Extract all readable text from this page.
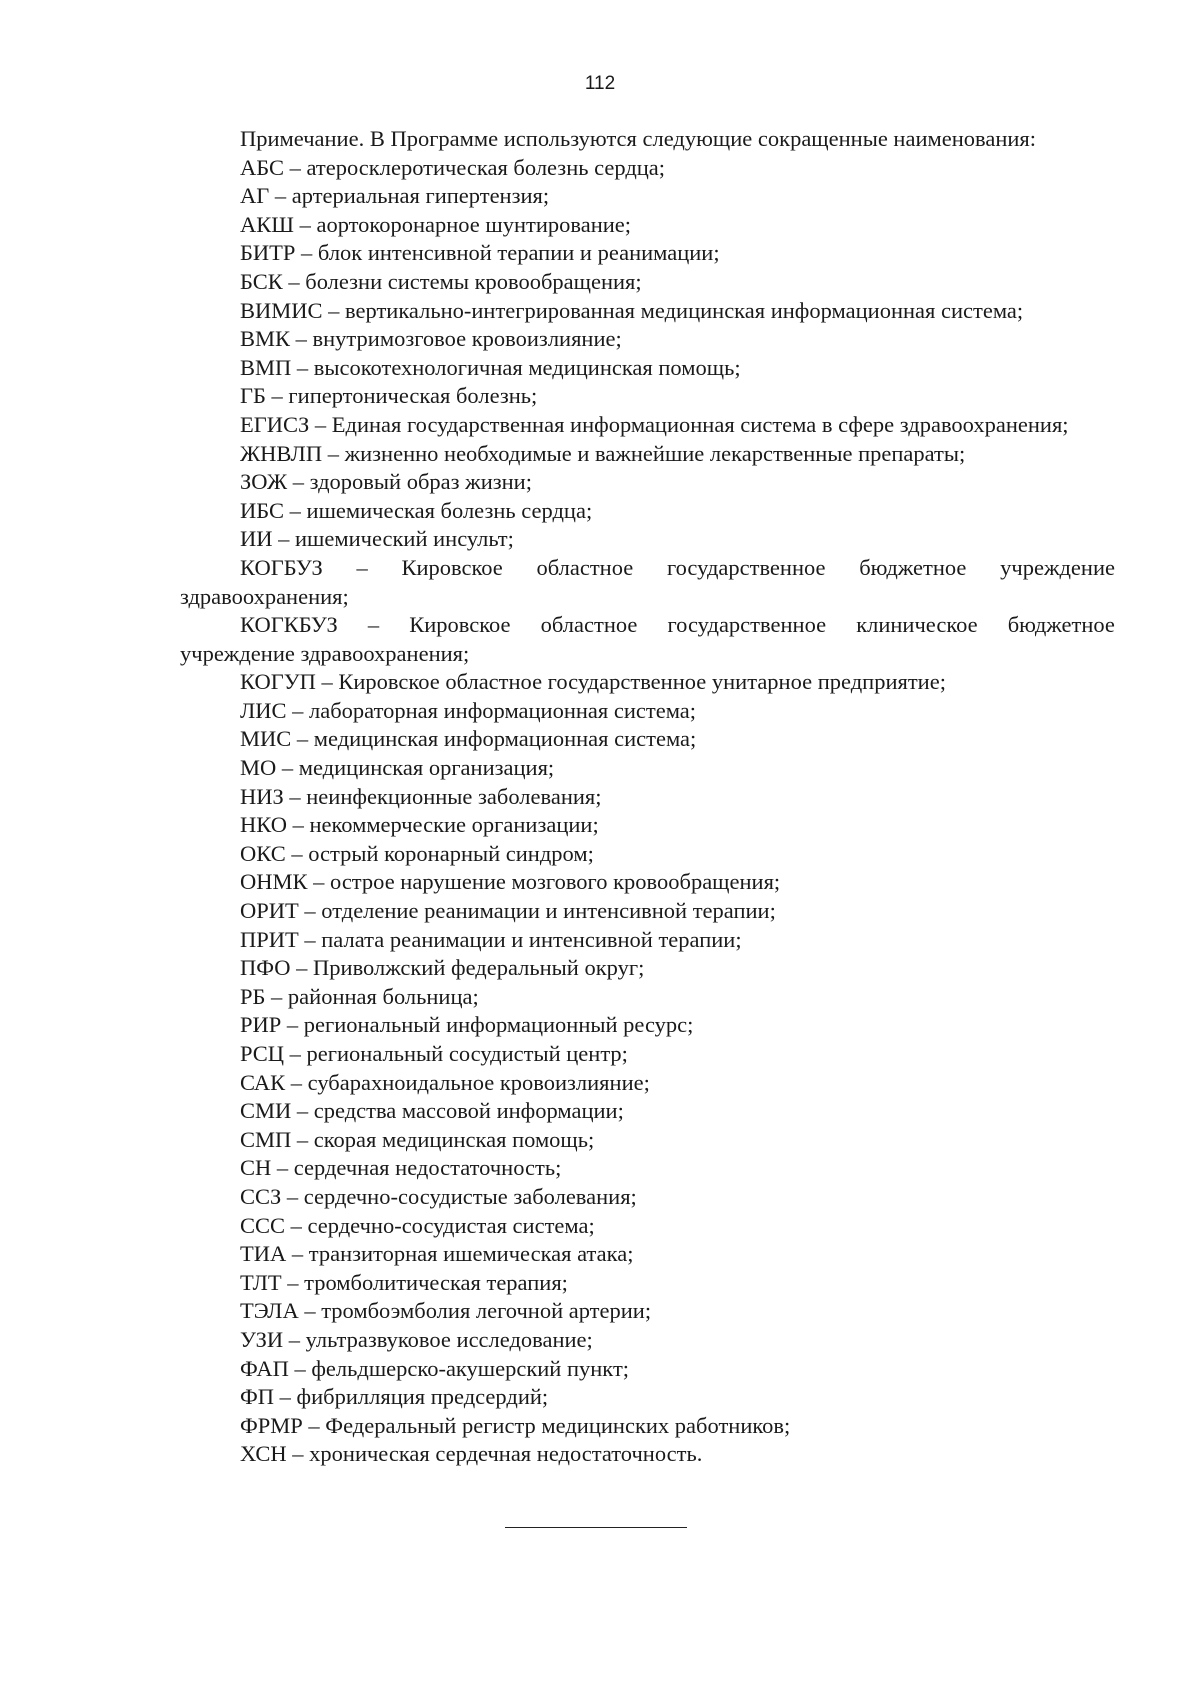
112
Примечание. В Программе используются следующие сокращенные наименования:
АБС – атеросклеротическая болезнь сердца;
АГ – артериальная гипертензия;
АКШ – аортокоронарное шунтирование;
БИТР – блок интенсивной терапии и реанимации;
БСК – болезни системы кровообращения;
ВИМИС – вертикально-интегрированная медицинская информационная система;
ВМК – внутримозговое кровоизлияние;
ВМП – высокотехнологичная медицинская помощь;
ГБ – гипертоническая болезнь;
ЕГИСЗ – Единая государственная информационная система в сфере здравоохранения;
ЖНВЛП – жизненно необходимые и важнейшие лекарственные препараты;
ЗОЖ – здоровый образ жизни;
ИБС – ишемическая болезнь сердца;
ИИ – ишемический инсульт;
КОГБУЗ – Кировское областное государственное бюджетное учреждение
здравоохранения;
КОГКБУЗ – Кировское областное государственное клиническое бюджетное
учреждение здравоохранения;
КОГУП – Кировское областное государственное унитарное предприятие;
ЛИС – лабораторная информационная система;
МИС – медицинская информационная система;
МО – медицинская организация;
НИЗ – неинфекционные заболевания;
НКО – некоммерческие организации;
ОКС – острый коронарный синдром;
ОНМК – острое нарушение мозгового кровообращения;
ОРИТ – отделение реанимации и интенсивной терапии;
ПРИТ – палата реанимации и интенсивной терапии;
ПФО – Приволжский федеральный округ;
РБ – районная больница;
РИР – региональный информационный ресурс;
РСЦ – региональный сосудистый центр;
САК – субарахноидальное кровоизлияние;
СМИ – средства массовой информации;
СМП – скорая медицинская помощь;
СН – сердечная недостаточность;
ССЗ – сердечно-сосудистые заболевания;
ССС – сердечно-сосудистая система;
ТИА – транзиторная ишемическая атака;
ТЛТ – тромболитическая терапия;
ТЭЛА – тромбоэмболия легочной артерии;
УЗИ – ультразвуковое исследование;
ФАП – фельдшерско-акушерский пункт;
ФП – фибрилляция предсердий;
ФРМР – Федеральный регистр медицинских работников;
ХСН – хроническая сердечная недостаточность.
